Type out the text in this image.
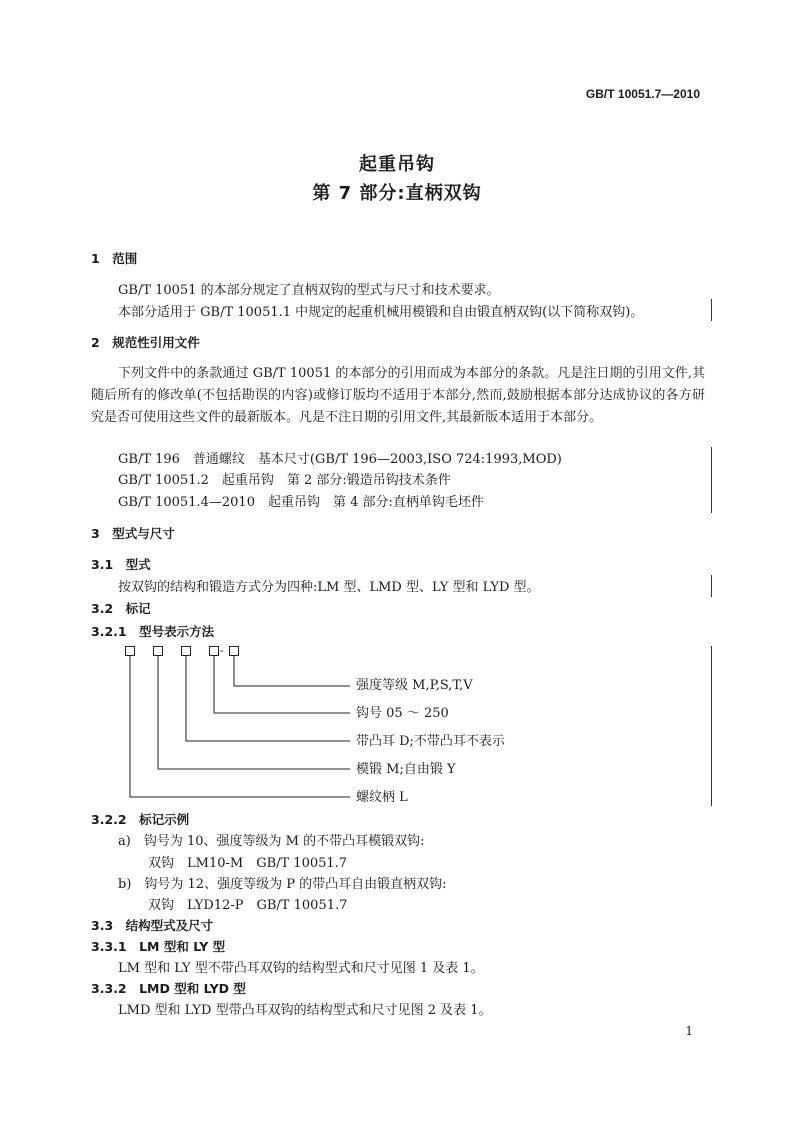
GB/T 10051.7—2010
起重吊钩
第 7 部分:直柄双钩
1　范围
GB/T 10051 的本部分规定了直柄双钩的型式与尺寸和技术要求。
本部分适用于 GB/T 10051.1 中规定的起重机械用模锻和自由锻直柄双钩(以下简称双钩)。
2　规范性引用文件
下列文件中的条款通过 GB/T 10051 的本部分的引用而成为本部分的条款。凡是注日期的引用文件,其随后所有的修改单(不包括勘误的内容)或修订版均不适用于本部分,然而,鼓励根据本部分达成协议的各方研究是否可使用这些文件的最新版本。凡是不注日期的引用文件,其最新版本适用于本部分。
GB/T 196　普通螺纹　基本尺寸(GB/T 196—2003,ISO 724:1993,MOD)
GB/T 10051.2　起重吊钩　第 2 部分:锻造吊钩技术条件
GB/T 10051.4—2010　起重吊钩　第 4 部分:直柄单钩毛坯件
3　型式与尺寸
3.1　型式
按双钩的结构和锻造方式分为四种:LM 型、LMD 型、LY 型和 LYD 型。
3.2　标记
3.2.1　型号表示方法
-
强度等级 M,P,S,T,V
钩号 05 ～ 250
带凸耳 D;不带凸耳不表示
模锻 M;自由锻 Y
螺纹柄 L
3.2.2　标记示例
a)　钩号为 10、强度等级为 M 的不带凸耳模锻双钩:
双钩　LM10-M　GB/T 10051.7
b)　钩号为 12、强度等级为 P 的带凸耳自由锻直柄双钩:
双钩　LYD12-P　GB/T 10051.7
3.3　结构型式及尺寸
3.3.1　LM 型和 LY 型
LM 型和 LY 型不带凸耳双钩的结构型式和尺寸见图 1 及表 1。
3.3.2　LMD 型和 LYD 型
LMD 型和 LYD 型带凸耳双钩的结构型式和尺寸见图 2 及表 1。
1
